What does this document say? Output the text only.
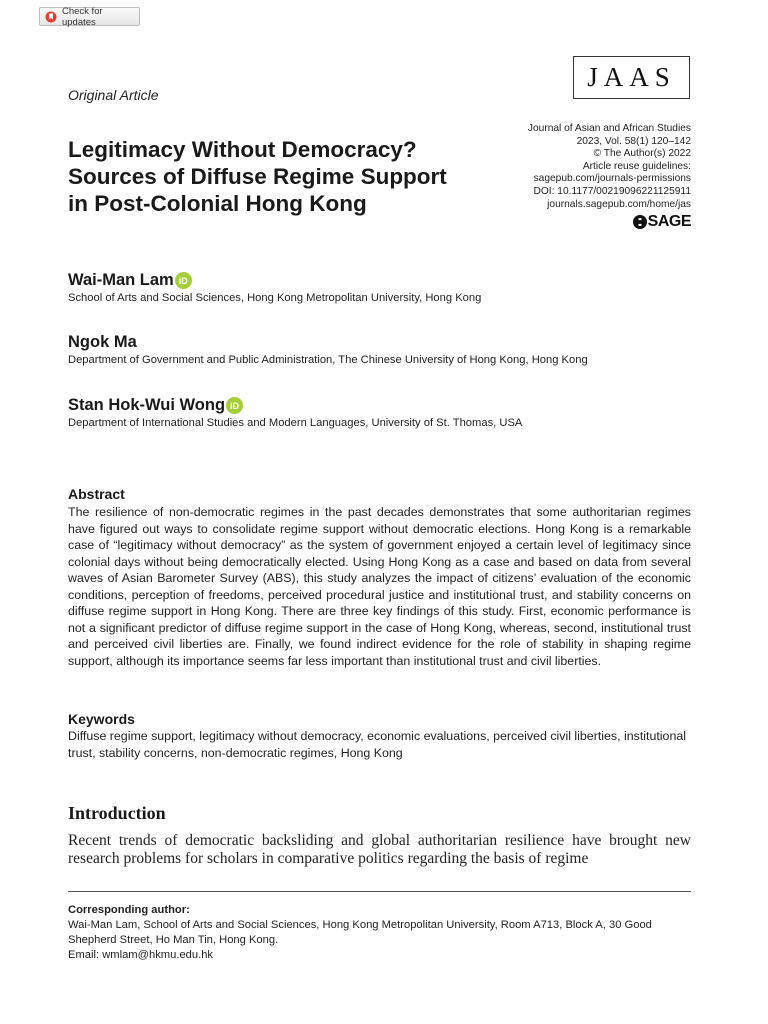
Check for updates
Original Article
JAAS
Journal of Asian and African Studies
2023, Vol. 58(1) 120–142
© The Author(s) 2022
Article reuse guidelines:
sagepub.com/journals-permissions
DOI: 10.1177/00219096221125911
journals.sagepub.com/home/jas
SAGE
Legitimacy Without Democracy?
Sources of Diffuse Regime Support
in Post-Colonial Hong Kong
Wai-Man Lam iD
School of Arts and Social Sciences, Hong Kong Metropolitan University, Hong Kong
Ngok Ma
Department of Government and Public Administration, The Chinese University of Hong Kong, Hong Kong
Stan Hok-Wui Wong iD
Department of International Studies and Modern Languages, University of St. Thomas, USA
Abstract
The resilience of non-democratic regimes in the past decades demonstrates that some authoritarian regimes have figured out ways to consolidate regime support without democratic elections. Hong Kong is a remarkable case of “legitimacy without democracy” as the system of government enjoyed a certain level of legitimacy since colonial days without being democratically elected. Using Hong Kong as a case and based on data from several waves of Asian Barometer Survey (ABS), this study analyzes the impact of citizens’ evaluation of the economic conditions, perception of freedoms, perceived procedural justice and institutional trust, and stability concerns on diffuse regime support in Hong Kong. There are three key findings of this study. First, economic performance is not a significant predictor of diffuse regime support in the case of Hong Kong, whereas, second, institutional trust and perceived civil liberties are. Finally, we found indirect evidence for the role of stability in shaping regime support, although its importance seems far less important than institutional trust and civil liberties.
Keywords
Diffuse regime support, legitimacy without democracy, economic evaluations, perceived civil liberties, institutional trust, stability concerns, non-democratic regimes, Hong Kong
Introduction
Recent trends of democratic backsliding and global authoritarian resilience have brought new research problems for scholars in comparative politics regarding the basis of regime
Corresponding author:
Wai-Man Lam, School of Arts and Social Sciences, Hong Kong Metropolitan University, Room A713, Block A, 30 Good Shepherd Street, Ho Man Tin, Hong Kong.
Email: wmlam@hkmu.edu.hk
